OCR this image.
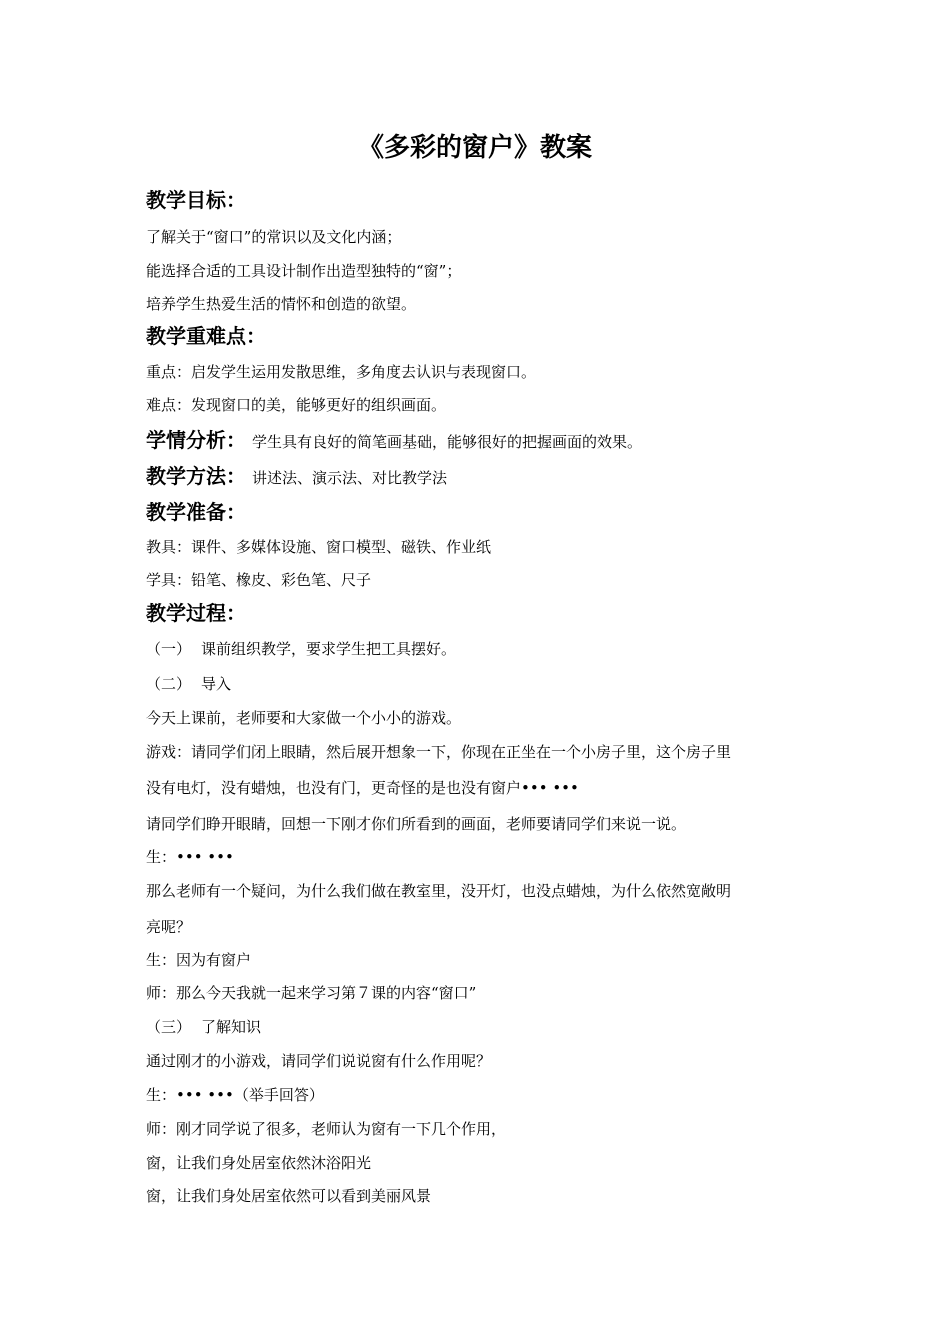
《多彩的窗户》教案
教学目标：
了解关于“窗口”的常识以及文化内涵；
能选择合适的工具设计制作出造型独特的“窗”；
培养学生热爱生活的情怀和创造的欲望。
教学重难点：
重点：启发学生运用发散思维，多角度去认识与表现窗口。
难点：发现窗口的美，能够更好的组织画面。
学情分析： 学生具有良好的简笔画基础，能够很好的把握画面的效果。
教学方法： 讲述法、演示法、对比教学法
教学准备：
教具：课件、多媒体设施、窗口模型、磁铁、作业纸
学具：铅笔、橡皮、彩色笔、尺子
教学过程：
（一） 课前组织教学，要求学生把工具摆好。
（二） 导入
今天上课前，老师要和大家做一个小小的游戏。
游戏：请同学们闭上眼睛，然后展开想象一下，你现在正坐在一个小房子里，这个房子里
没有电灯，没有蜡烛，也没有门，更奇怪的是也没有窗户••• •••
请同学们睁开眼睛，回想一下刚才你们所看到的画面，老师要请同学们来说一说。
生：••• •••
那么老师有一个疑问，为什么我们做在教室里，没开灯，也没点蜡烛，为什么依然宽敞明
亮呢？
生：因为有窗户
师：那么今天我就一起来学习第７课的内容“窗口”
（三） 了解知识
通过刚才的小游戏，请同学们说说窗有什么作用呢？
生：••• •••（举手回答）
师：刚才同学说了很多，老师认为窗有一下几个作用，
窗，让我们身处居室依然沐浴阳光
窗，让我们身处居室依然可以看到美丽风景
